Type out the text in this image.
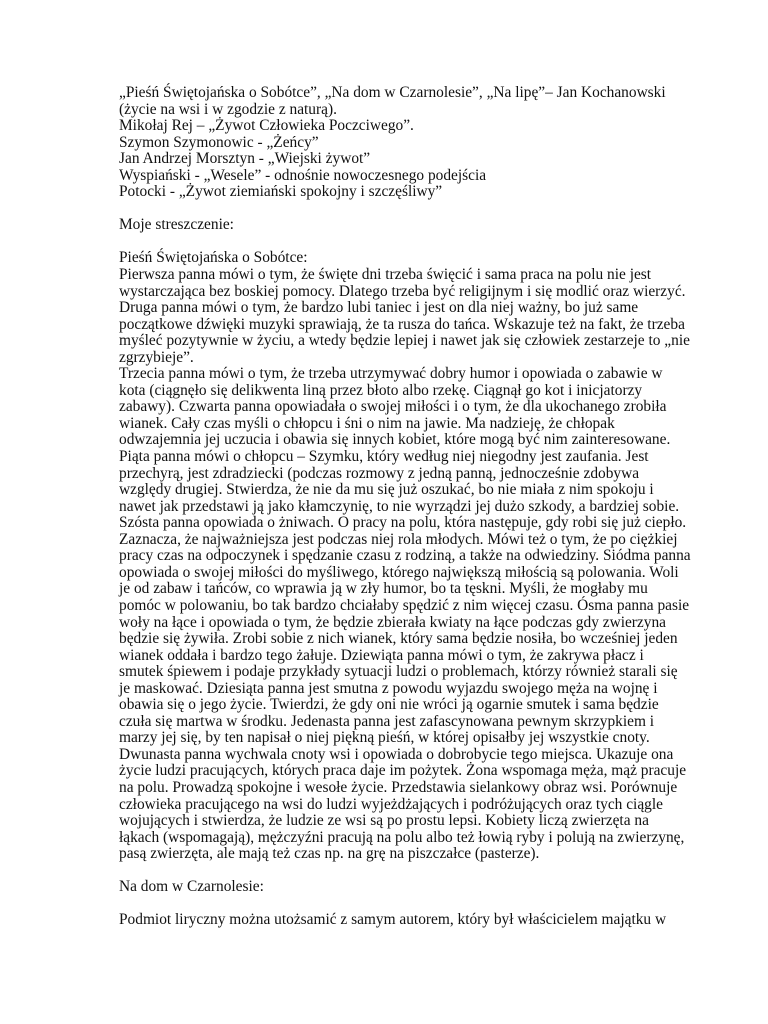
„Pieśń Świętojańska o Sobótce”, „Na dom w Czarnolesie”, „Na lipę”– Jan Kochanowski
(życie na wsi i w zgodzie z naturą).
Mikołaj Rej – „Żywot Człowieka Poczciwego”.
Szymon Szymonowic - „Żeńcy”
Jan Andrzej Morsztyn - „Wiejski żywot”
Wyspiański - „Wesele” - odnośnie nowoczesnego podejścia
Potocki - „Żywot ziemiański spokojny i szczęśliwy”
Moje streszczenie:
Pieśń Świętojańska o Sobótce:
Pierwsza panna mówi o tym, że święte dni trzeba święcić i sama praca na polu nie jest
wystarczająca bez boskiej pomocy. Dlatego trzeba być religijnym i się modlić oraz wierzyć.
Druga panna mówi o tym, że bardzo lubi taniec i jest on dla niej ważny, bo już same
początkowe dźwięki muzyki sprawiają, że ta rusza do tańca. Wskazuje też na fakt, że trzeba
myśleć pozytywnie w życiu, a wtedy będzie lepiej i nawet jak się człowiek zestarzeje to „nie
zgrzybieje”.
Trzecia panna mówi o tym, że trzeba utrzymywać dobry humor i opowiada o zabawie w
kota (ciągnęło się delikwenta liną przez błoto albo rzekę. Ciągnął go kot i inicjatorzy
zabawy). Czwarta panna opowiadała o swojej miłości i o tym, że dla ukochanego zrobiła
wianek. Cały czas myśli o chłopcu i śni o nim na jawie. Ma nadzieję, że chłopak
odwzajemnia jej uczucia i obawia się innych kobiet, które mogą być nim zainteresowane.
Piąta panna mówi o chłopcu – Szymku, który według niej niegodny jest zaufania. Jest
przechyrą, jest zdradziecki (podczas rozmowy z jedną panną, jednocześnie zdobywa
względy drugiej. Stwierdza, że nie da mu się już oszukać, bo nie miała z nim spokoju i
nawet jak przedstawi ją jako kłamczynię, to nie wyrządzi jej dużo szkody, a bardziej sobie.
Szósta panna opowiada o żniwach. O pracy na polu, która następuje, gdy robi się już ciepło.
Zaznacza, że najważniejsza jest podczas niej rola młodych. Mówi też o tym, że po ciężkiej
pracy czas na odpoczynek i spędzanie czasu z rodziną, a także na odwiedziny. Siódma panna
opowiada o swojej miłości do myśliwego, którego największą miłością są polowania. Woli
je od zabaw i tańców, co wprawia ją w zły humor, bo ta tęskni. Myśli, że mogłaby mu
pomóc w polowaniu, bo tak bardzo chciałaby spędzić z nim więcej czasu. Ósma panna pasie
woły na łące i opowiada o tym, że będzie zbierała kwiaty na łące podczas gdy zwierzyna
będzie się żywiła. Zrobi sobie z nich wianek, który sama będzie nosiła, bo wcześniej jeden
wianek oddała i bardzo tego żałuje. Dziewiąta panna mówi o tym, że zakrywa płacz i
smutek śpiewem i podaje przykłady sytuacji ludzi o problemach, którzy również starali się
je maskować. Dziesiąta panna jest smutna z powodu wyjazdu swojego męża na wojnę i
obawia się o jego życie. Twierdzi, że gdy oni nie wróci ją ogarnie smutek i sama będzie
czuła się martwa w środku. Jedenasta panna jest zafascynowana pewnym skrzypkiem i
marzy jej się, by ten napisał o niej piękną pieśń, w której opisałby jej wszystkie cnoty.
Dwunasta panna wychwala cnoty wsi i opowiada o dobrobycie tego miejsca. Ukazuje ona
życie ludzi pracujących, których praca daje im pożytek. Żona wspomaga męża, mąż pracuje
na polu. Prowadzą spokojne i wesołe życie. Przedstawia sielankowy obraz wsi. Porównuje
człowieka pracującego na wsi do ludzi wyjeżdżających i podróżujących oraz tych ciągle
wojujących i stwierdza, że ludzie ze wsi są po prostu lepsi. Kobiety liczą zwierzęta na
łąkach (wspomagają), mężczyźni pracują na polu albo też łowią ryby i polują na zwierzynę,
pasą zwierzęta, ale mają też czas np. na grę na piszczałce (pasterze).
Na dom w Czarnolesie:
Podmiot liryczny można utożsamić z samym autorem, który był właścicielem majątku w
